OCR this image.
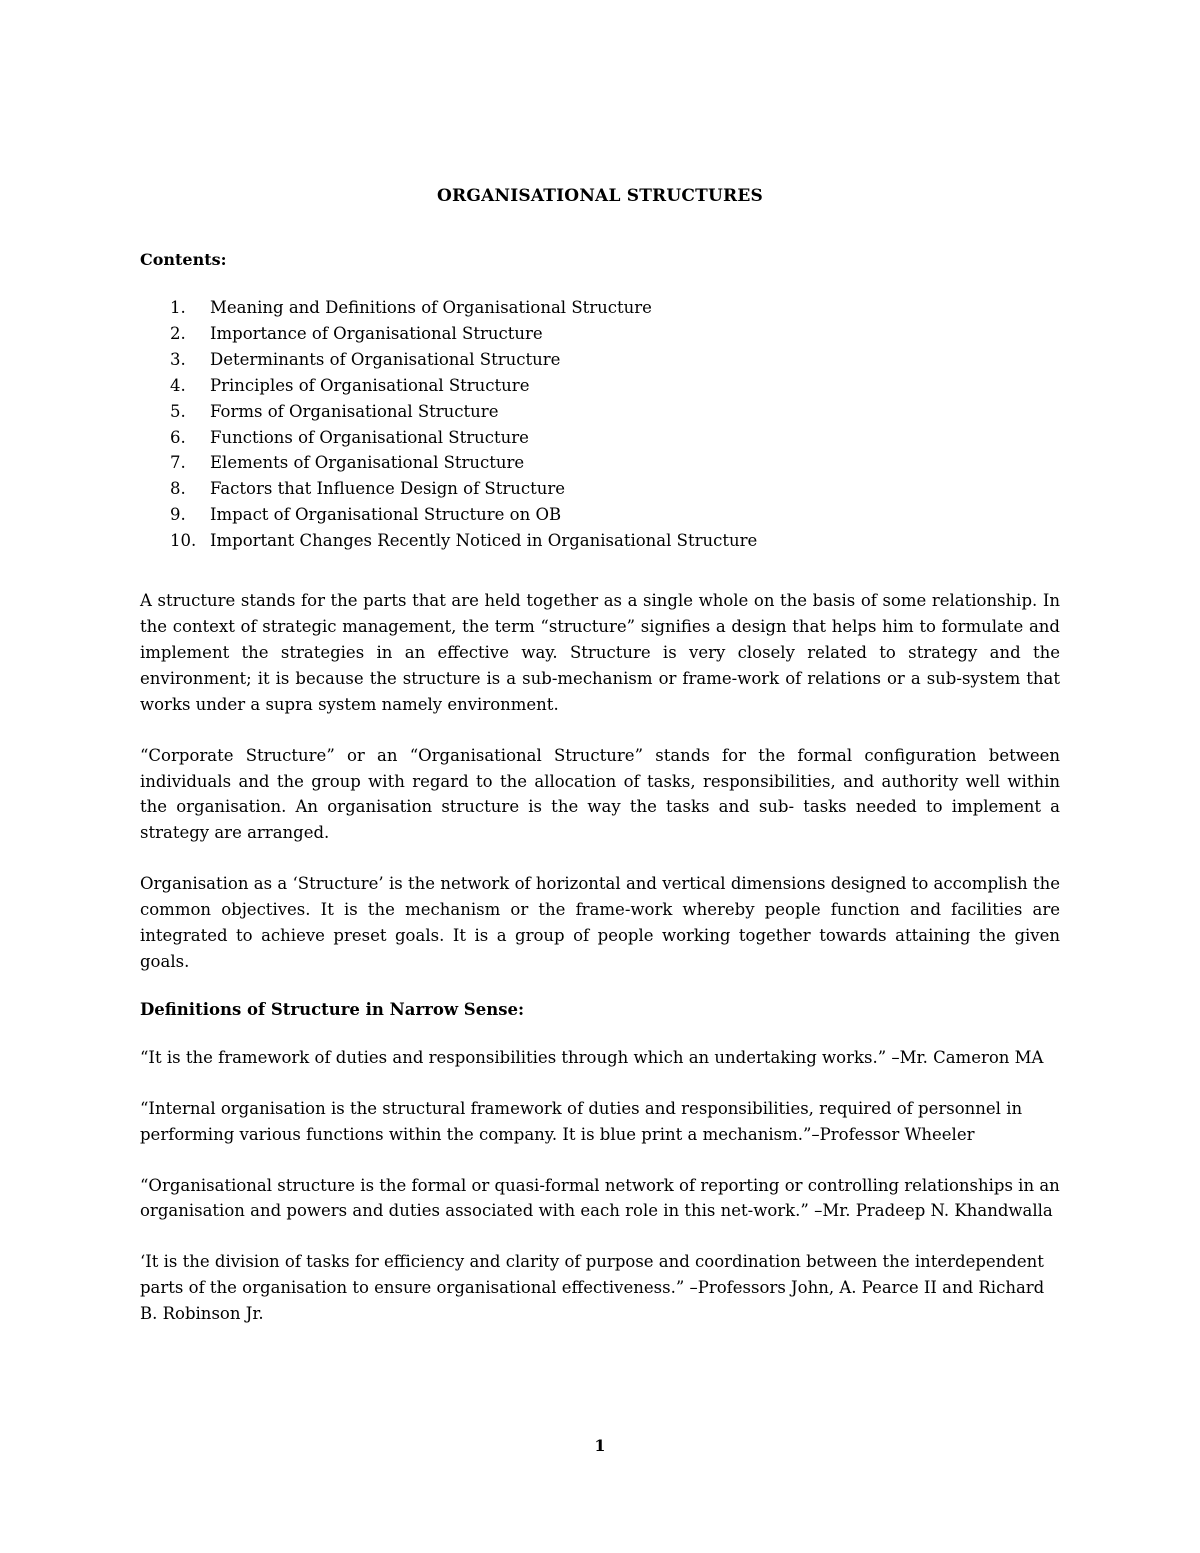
ORGANISATIONAL STRUCTURES
Contents:
1.	Meaning and Definitions of Organisational Structure
2.	Importance of Organisational Structure
3.	Determinants of Organisational Structure
4.	Principles of Organisational Structure
5.	Forms of Organisational Structure
6.	Functions of Organisational Structure
7.	Elements of Organisational Structure
8.	Factors that Influence Design of Structure
9.	Impact of Organisational Structure on OB
10. Important Changes Recently Noticed in Organisational Structure

A structure stands for the parts that are held together as a single whole on the basis of some relationship. In the context of strategic management, the term “structure” signifies a design that helps him to formulate and implement the strategies in an effective way. Structure is very closely related to strategy and the environment; it is because the structure is a sub-mechanism or frame-work of relations or a sub-system that works under a supra system namely environment.

“Corporate Structure” or an “Organisational Structure” stands for the formal configuration between individuals and the group with regard to the allocation of tasks, responsibilities, and authority well within the organisation. An organisation structure is the way the tasks and sub- tasks needed to implement a strategy are arranged.

Organisation as a ‘Structure’ is the network of horizontal and vertical dimensions designed to accomplish the common objectives. It is the mechanism or the frame-work whereby people function and facilities are integrated to achieve preset goals. It is a group of people working together towards attaining the given goals.

Definitions of Structure in Narrow Sense:

“It is the framework of duties and responsibilities through which an undertaking works.” –Mr. Cameron MA

“Internal organisation is the structural framework of duties and responsibilities, required of personnel in performing various functions within the company. It is blue print a mechanism.”–Professor Wheeler

“Organisational structure is the formal or quasi-formal network of reporting or controlling relationships in an organisation and powers and duties associated with each role in this net-work.” –Mr. Pradeep N. Khandwalla

‘It is the division of tasks for efficiency and clarity of purpose and coordination between the interdependent parts of the organisation to ensure organisational effectiveness.” –Professors John, A. Pearce II and Richard B. Robinson Jr.

1
